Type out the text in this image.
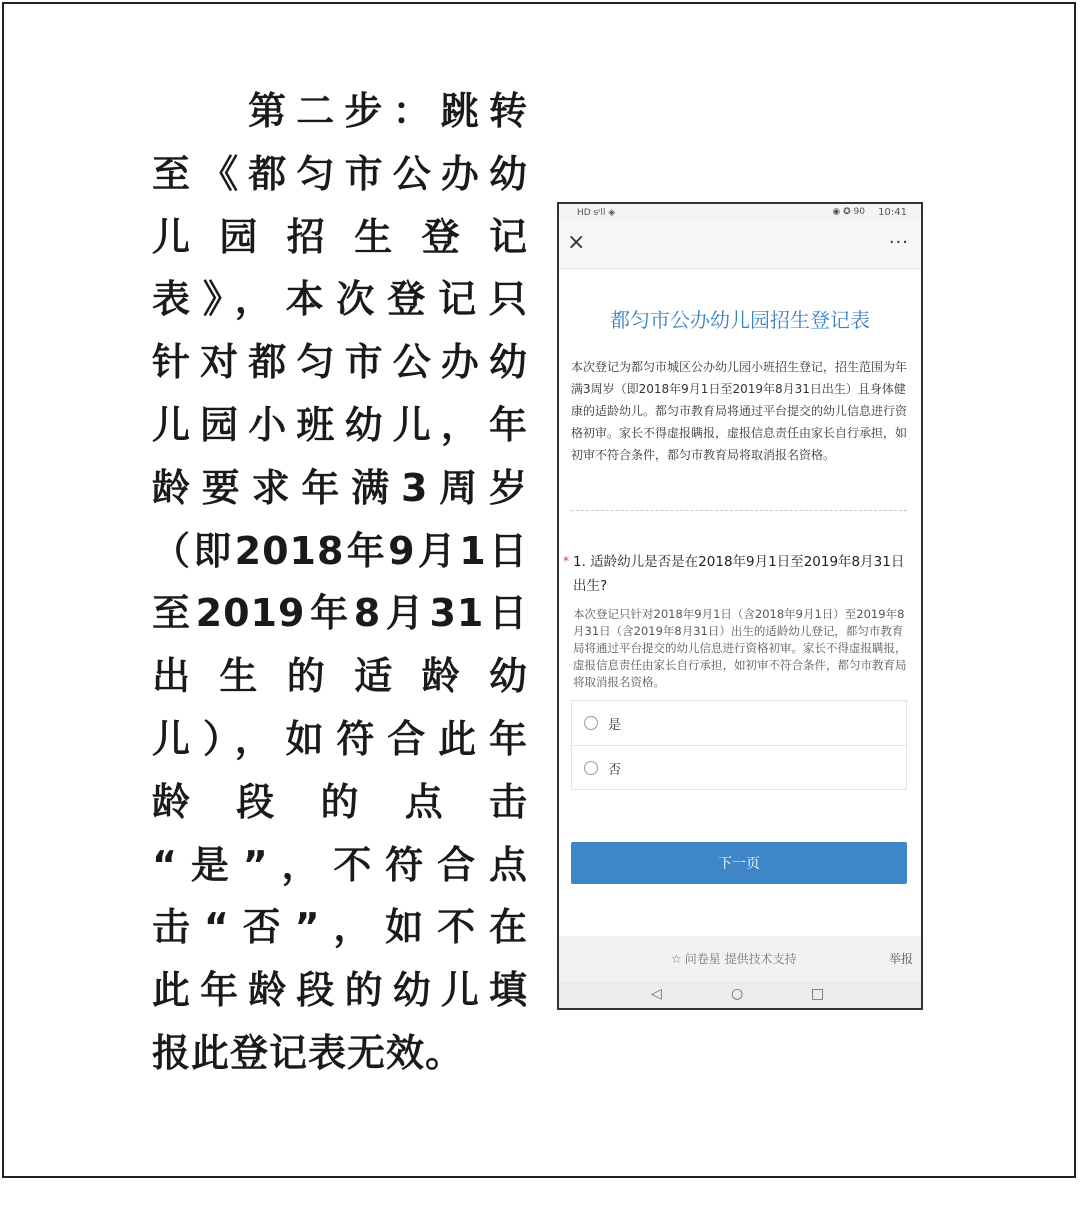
第二步：跳转
至《都匀市公办幼
儿园招生登记
表》，本次登记只
针对都匀市公办幼
儿园小班幼儿，年
龄要求年满3周岁
（即2018年9月1日
至2019年8月31日
出生的适龄幼
儿），如符合此年
龄段的点击
“是”，不符合点
击“否”，如不在
此年龄段的幼儿填
报此登记表无效。
HD ᵴᶦll ◈	◉ ✪ 90 10:41
×	···
都匀市公办幼儿园招生登记表
本次登记为都匀市城区公办幼儿园小班招生登记，招生范围为年满3周岁（即2018年9月1日至2019年8月31日出生）且身体健康的适龄幼儿。都匀市教育局将通过平台提交的幼儿信息进行资格初审。家长不得虚报瞒报，虚报信息责任由家长自行承担，如初审不符合条件，都匀市教育局将取消报名资格。
* 1. 适龄幼儿是否是在2018年9月1日至2019年8月31日出生?
本次登记只针对2018年9月1日（含2018年9月1日）至2019年8月31日（含2019年8月31日）出生的适龄幼儿登记，都匀市教育局将通过平台提交的幼儿信息进行资格初审。家长不得虚报瞒报，虚报信息责任由家长自行承担，如初审不符合条件，都匀市教育局将取消报名资格。
是
否
下一页
☆ 问卷星 提供技术支持	举报
◁	○	□
